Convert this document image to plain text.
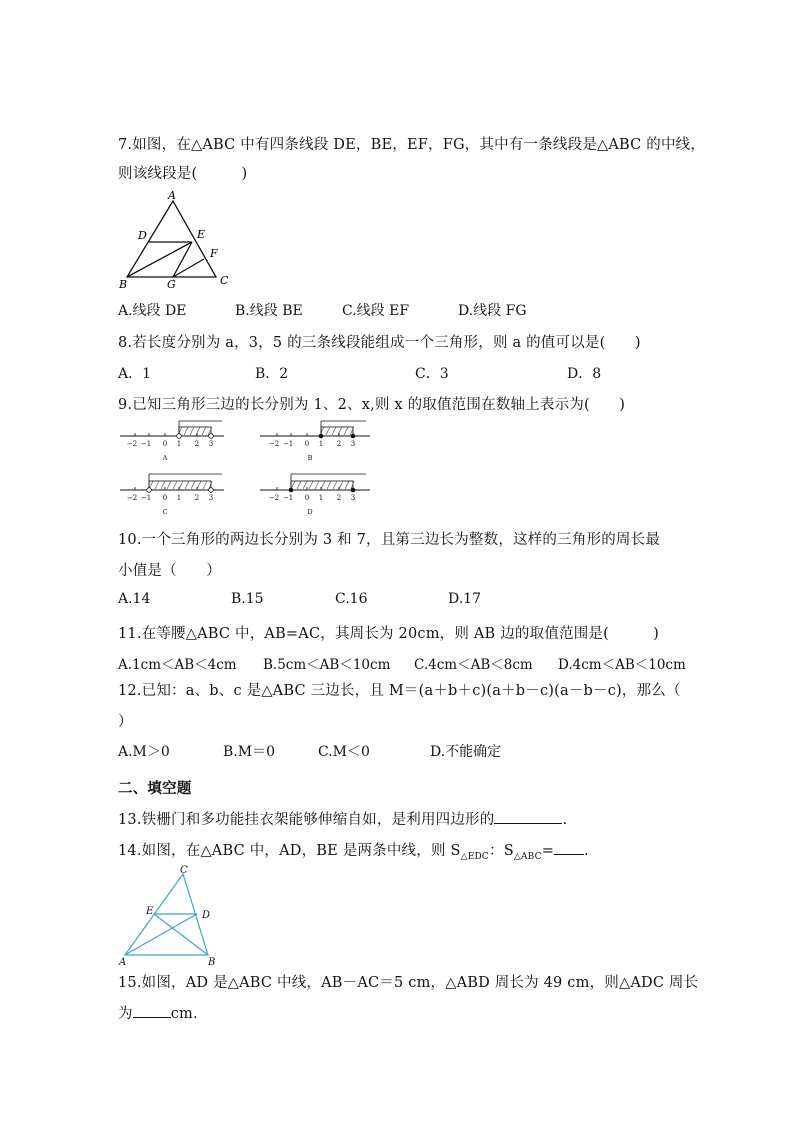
7.如图，在△ABC 中有四条线段 DE，BE，EF，FG，其中有一条线段是△ABC 的中线，
则该线段是(　　　)
A
D	E
F
B	G	C
A.线段 DE	B.线段 BE	C.线段 EF	D.线段 FG
8.若长度分别为 a，3，5 的三条线段能组成一个三角形，则 a 的值可以是(　　)
A．1	B．2	C．3	D．8
9.已知三角形三边的长分别为 1、2、x,则 x 的取值范围在数轴上表示为(　　)
−2 −1 0 1 2 3
A
−2 −1 0 1 2 3
B
−2 −1 0 1 2 3
C
−2 −1 0 1 2 3
D
10.一个三角形的两边长分别为 3 和 7，且第三边长为整数，这样的三角形的周长最
小值是（　　）
A.14	B.15	C.16	D.17
11.在等腰△ABC 中，AB=AC，其周长为 20cm，则 AB 边的取值范围是(　　　)
A.1cm＜AB＜4cm B.5cm＜AB＜10cm C.4cm＜AB＜8cm D.4cm＜AB＜10cm
12.已知：a、b、c 是△ABC 三边长，且 M＝(a＋b＋c)(a＋b－c)(a－b－c)，那么（
）
A.M＞0	B.M＝0	C.M＜0	D.不能确定
二、填空题
13.铁栅门和多功能挂衣架能够伸缩自如，是利用四边形的	.
14.如图，在△ABC 中，AD，BE 是两条中线，则 $S_{\triangle EDC}$：$S_{\triangle ABC}=$ .
C
E	D
A	B
15.如图，AD 是△ABC 中线，AB－AC＝5 cm，△ABD 周长为 49 cm，则△ADC 周长
为	cm.
